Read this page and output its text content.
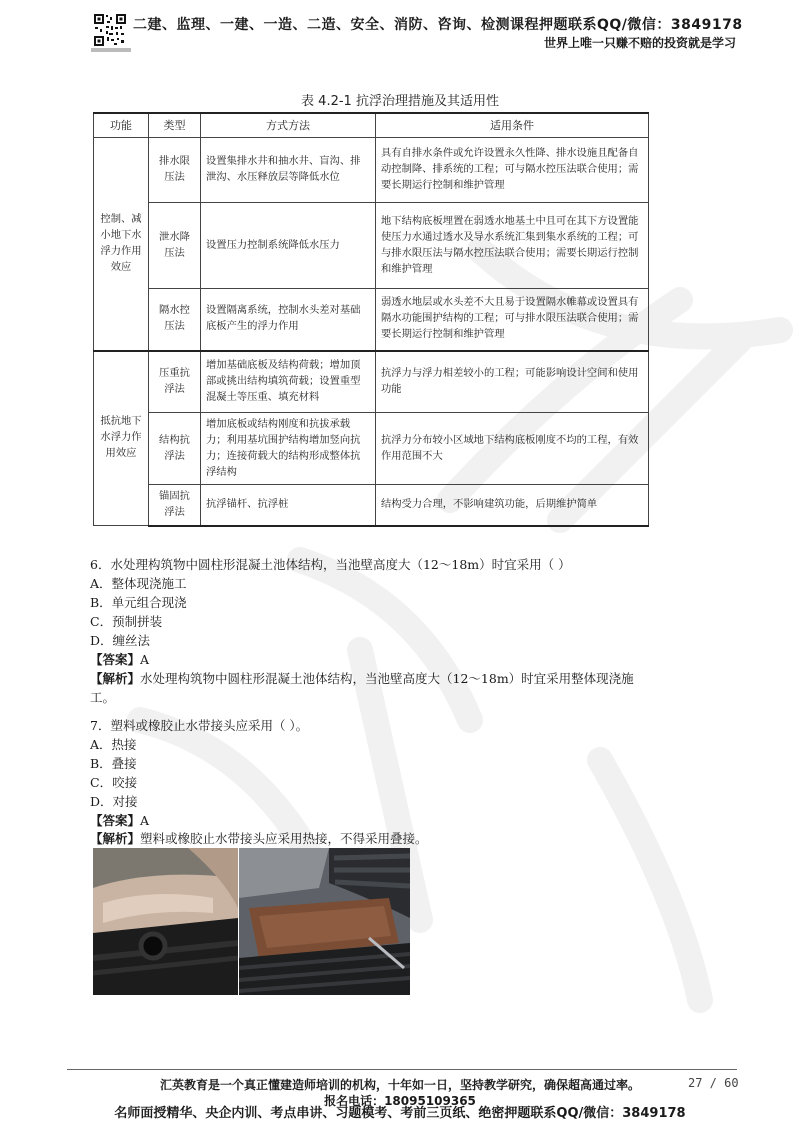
二建、监理、一建、一造、二造、安全、消防、咨询、检测课程押题联系QQ/微信：3849178
世界上唯一只赚不赔的投资就是学习
表 4.2-1 抗浮治理措施及其适用性
功能	类型	方式方法	适用条件
控制、减小地下水浮力作用效应	排水限压法	设置集排水井和抽水井、盲沟、排泄沟、水压释放层等降低水位	具有自排水条件或允许设置永久性降、排水设施且配备自动控制降、排系统的工程；可与隔水控压法联合使用；需要长期运行控制和维护管理
	泄水降压法	设置压力控制系统降低水压力	地下结构底板埋置在弱透水地基土中且可在其下方设置能使压力水通过透水及导水系统汇集到集水系统的工程；可与排水限压法与隔水控压法联合使用；需要长期运行控制和维护管理
	隔水控压法	设置隔离系统，控制水头差对基础底板产生的浮力作用	弱透水地层或水头差不大且易于设置隔水帷幕或设置具有隔水功能围护结构的工程；可与排水限压法联合使用；需要长期运行控制和维护管理
抵抗地下水浮力作用效应	压重抗浮法	增加基础底板及结构荷载；增加顶部或挑出结构填筑荷载；设置重型混凝土等压重、填充材料	抗浮力与浮力相差较小的工程；可能影响设计空间和使用功能
	结构抗浮法	增加底板或结构刚度和抗拔承载力；利用基坑围护结构增加竖向抗力；连接荷载大的结构形成整体抗浮结构	抗浮力分布较小区域地下结构底板刚度不均的工程，有效作用范围不大
	锚固抗浮法	抗浮锚杆、抗浮桩	结构受力合理，不影响建筑功能，后期维护简单
6．水处理构筑物中圆柱形混凝土池体结构，当池壁高度大（12～18m）时宜采用（ ）
A．整体现浇施工
B．单元组合现浇
C．预制拼装
D．缠丝法
【答案】A
【解析】水处理构筑物中圆柱形混凝土池体结构，当池壁高度大（12～18m）时宜采用整体现浇施
工。
7．塑料或橡胶止水带接头应采用（ ）。
A．热接
B．叠接
C．咬接
D．对接
【答案】A
【解析】塑料或橡胶止水带接头应采用热接，不得采用叠接。
汇英教育是一个真正懂建造师培训的机构，十年如一日，坚持教学研究，确保超高通过率。	27 / 60
报名电话：18095109365
名师面授精华、央企内训、考点串讲、习题模考、考前三页纸、绝密押题联系QQ/微信：3849178
